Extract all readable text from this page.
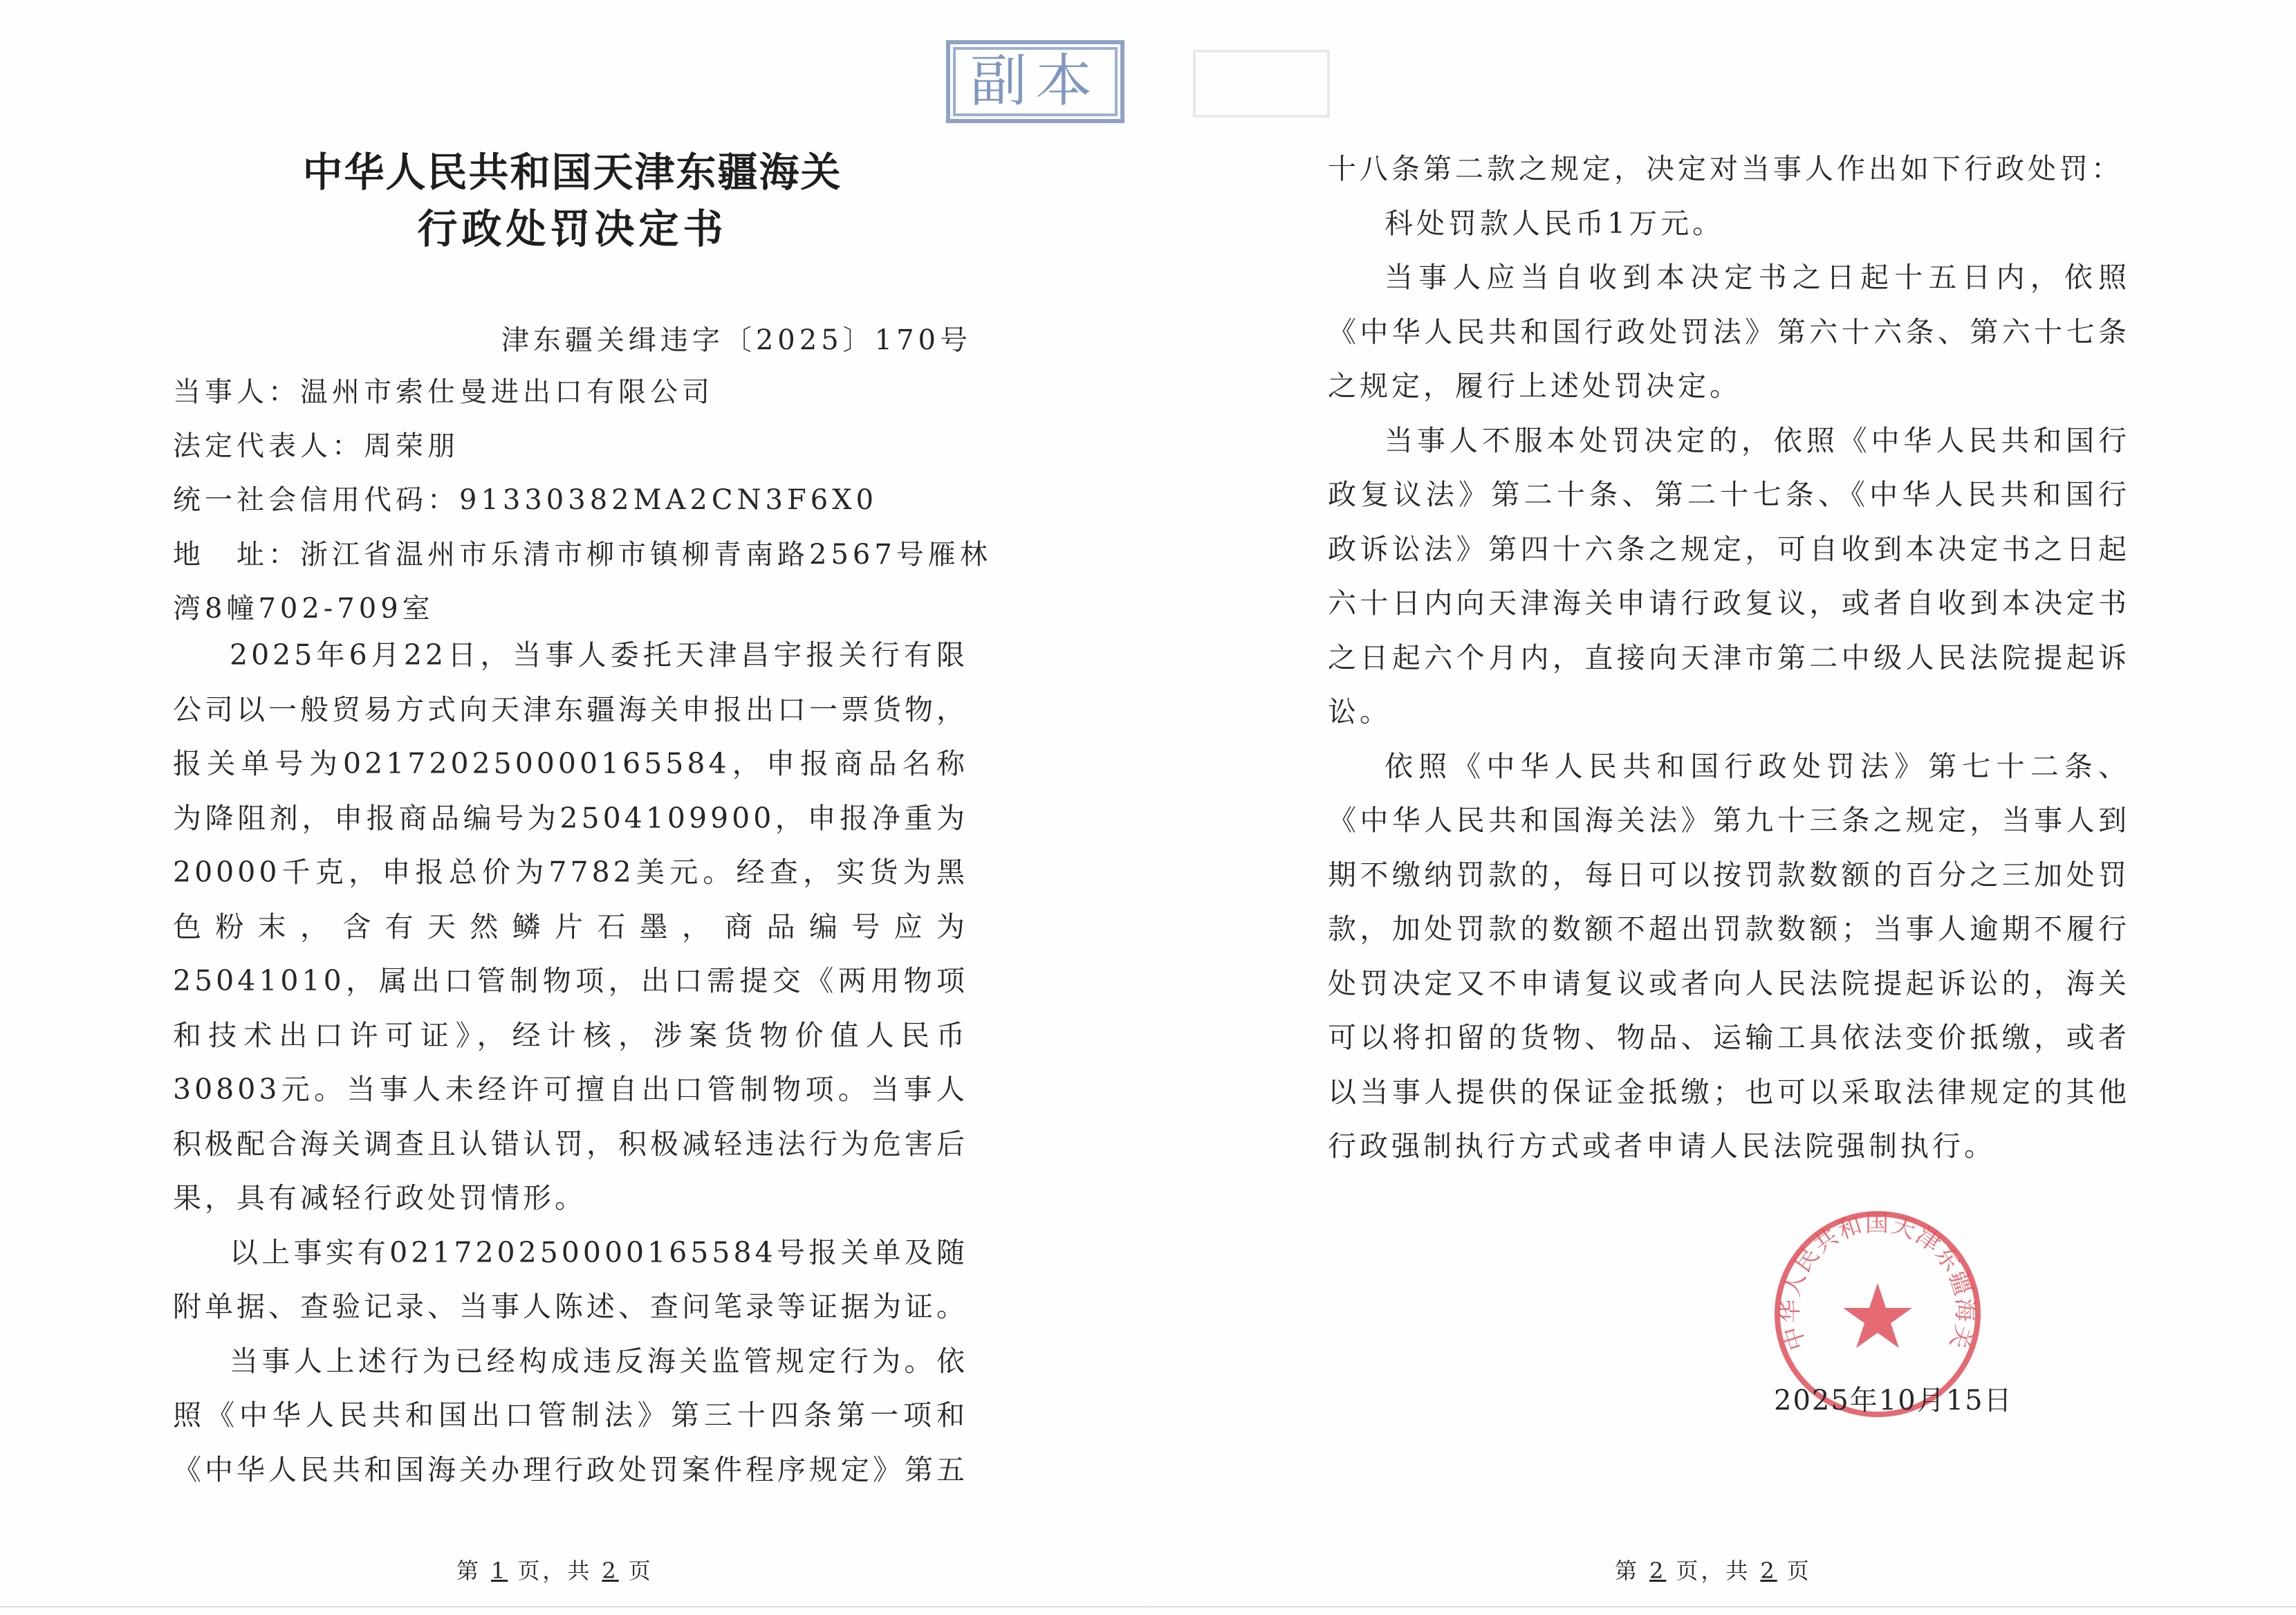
副本
中华人民共和国天津东疆海关
行政处罚决定书
津东疆关缉违字〔2025〕170号
当事人：温州市索仕曼进出口有限公司
法定代表人：周荣朋
统一社会信用代码：91330382MA2CN3F6X0
地　址：浙江省温州市乐清市柳市镇柳青南路2567号雁林
湾8幢702-709室

2025年6月22日，当事人委托天津昌宇报关行有限公司以一般贸易方式向天津东疆海关申报出口一票货物，报关单号为021720250000165584，申报商品名称为降阻剂，申报商品编号为2504109900，申报净重为20000千克，申报总价为7782美元。经查，实货为黑色粉末，含有天然鳞片石墨，商品编号应为25041010，属出口管制物项，出口需提交《两用物项和技术出口许可证》，经计核，涉案货物价值人民币30803元。当事人未经许可擅自出口管制物项。当事人积极配合海关调查且认错认罚，积极减轻违法行为危害后果，具有减轻行政处罚情形。

以上事实有021720250000165584号报关单及随附单据、查验记录、当事人陈述、查问笔录等证据为证。

当事人上述行为已经构成违反海关监管规定行为。依照《中华人民共和国出口管制法》第三十四条第一项和《中华人民共和国海关办理行政处罚案件程序规定》第五

第 1 页，共 2 页
十八条第二款之规定，决定对当事人作出如下行政处罚：

科处罚款人民币1万元。

当事人应当自收到本决定书之日起十五日内，依照《中华人民共和国行政处罚法》第六十六条、第六十七条之规定，履行上述处罚决定。

当事人不服本处罚决定的，依照《中华人民共和国行政复议法》第二十条、第二十七条、《中华人民共和国行政诉讼法》第四十六条之规定，可自收到本决定书之日起六十日内向天津海关申请行政复议，或者自收到本决定书之日起六个月内，直接向天津市第二中级人民法院提起诉讼。

依照《中华人民共和国行政处罚法》第七十二条、《中华人民共和国海关法》第九十三条之规定，当事人到期不缴纳罚款的，每日可以按罚款数额的百分之三加处罚款，加处罚款的数额不超出罚款数额；当事人逾期不履行处罚决定又不申请复议或者向人民法院提起诉讼的，海关可以将扣留的货物、物品、运输工具依法变价抵缴，或者以当事人提供的保证金抵缴；也可以采取法律规定的其他行政强制执行方式或者申请人民法院强制执行。

中华人民共和国天津东疆海关
2025年10月15日
第 2 页，共 2 页
